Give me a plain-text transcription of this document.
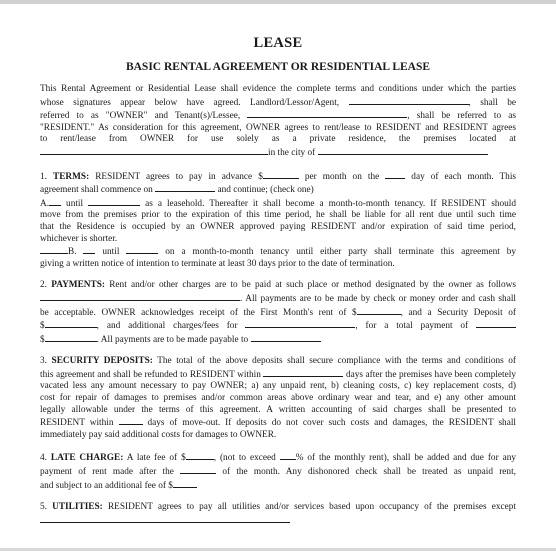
LEASE
BASIC RENTAL AGREEMENT OR RESIDENTIAL LEASE

This Rental Agreement or Residential Lease shall evidence the complete terms and conditions under which the parties
whose signatures appear below have agreed. Landlord/Lessor/Agent,	, shall be
referred to as "OWNER" and Tenant(s)/Lessee,	, shall be referred to as
"RESIDENT." As consideration for this agreement, OWNER agrees to rent/lease to RESIDENT and RESIDENT agrees
to rent/lease from OWNER for use solely as a private residence, the premises located at
in the city of

1. TERMS: RESIDENT agrees to pay in advance $	per month on the	day of each month. This
agreement shall commence on	and continue; (check one)
A. until	as a leasehold. Thereafter it shall become a month-to-month tenancy. If RESIDENT should
move from the premises prior to the expiration of this time period, he shall be liable for all rent due until such time
that the Residence is occupied by an OWNER approved paying RESIDENT and/or expiration of said time period,
whichever is shorter.
B.	until	on a month-to-month tenancy until either party shall terminate this agreement by
giving a written notice of intention to terminate at least 30 days prior to the date of termination.

2. PAYMENTS: Rent and/or other charges are to be paid at such place or method designated by the owner as follows
. All payments are to be made by check or money order and cash shall
be acceptable. OWNER acknowledges receipt of the First Month's rent of $	, and a Security Deposit of
$	, and additional charges/fees for	, for a total payment of
$	. All payments are to be made payable to

3. SECURITY DEPOSITS: The total of the above deposits shall secure compliance with the terms and conditions of
this agreement and shall be refunded to RESIDENT within	days after the premises have been completely
vacated less any amount necessary to pay OWNER; a) any unpaid rent, b) cleaning costs, c) key replacement costs, d)
cost for repair of damages to premises and/or common areas above ordinary wear and tear, and e) any other amount
legally allowable under the terms of this agreement. A written accounting of said charges shall be presented to
RESIDENT within	days of move-out. If deposits do not cover such costs and damages, the RESIDENT shall
immediately pay said additional costs for damages to OWNER.

4. LATE CHARGE: A late fee of $	, (not to exceed % of the monthly rent), shall be added and due for any
payment of rent made after the	of the month. Any dishonored check shall be treated as unpaid rent,
and subject to an additional fee of $

5. UTILITIES: RESIDENT agrees to pay all utilities and/or services based upon occupancy of the premises except
